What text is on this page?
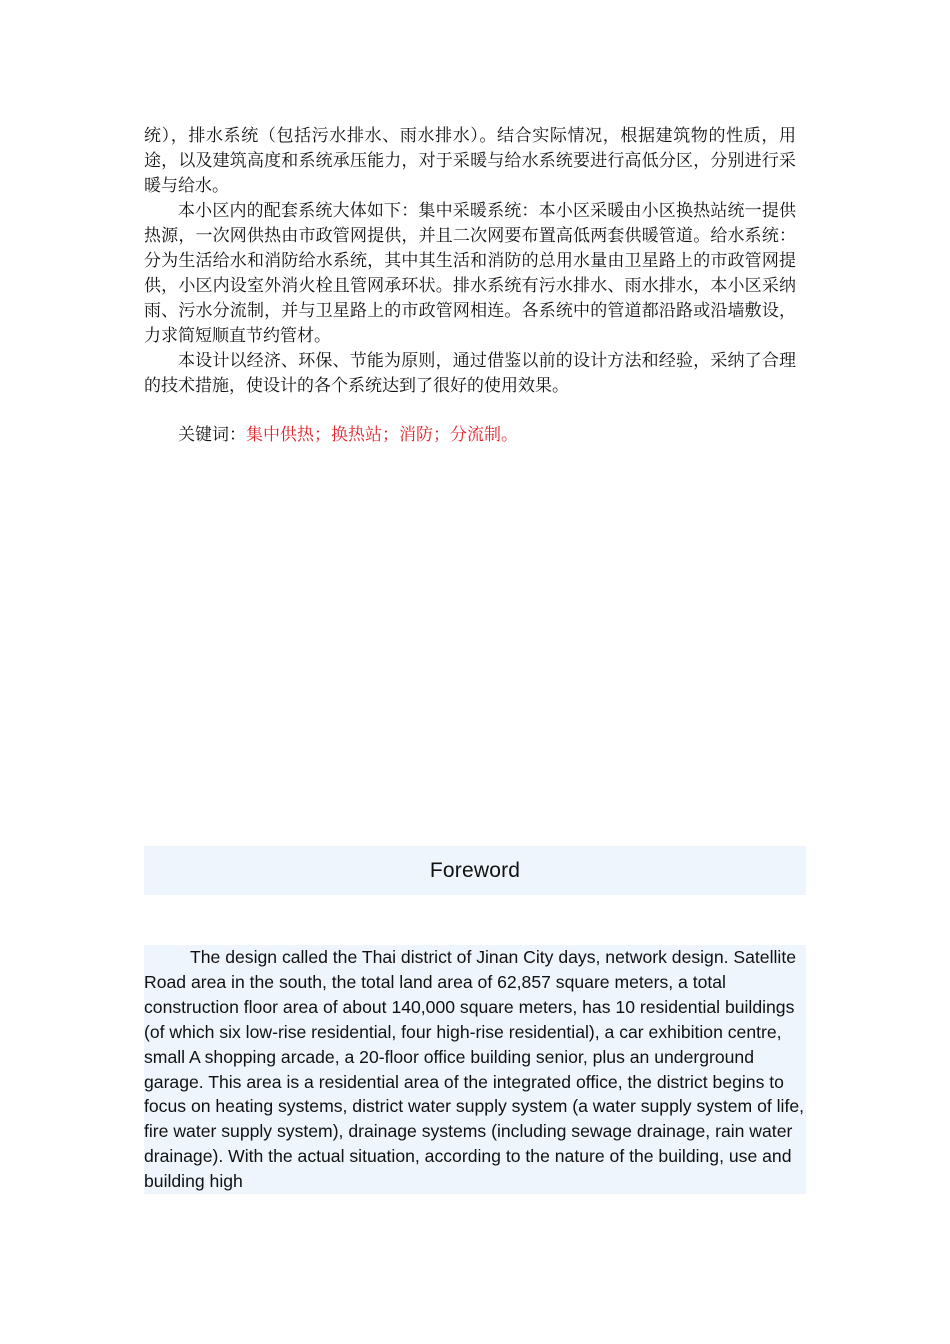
统），排水系统（包括污水排水、雨水排水）。结合实际情况，根据建筑物的性质，用途，以及建筑高度和系统承压能力，对于采暖与给水系统要进行高低分区，分别进行采暖与给水。

本小区内的配套系统大体如下：集中采暖系统：本小区采暖由小区换热站统一提供热源，一次网供热由市政管网提供，并且二次网要布置高低两套供暖管道。给水系统：分为生活给水和消防给水系统，其中其生活和消防的总用水量由卫星路上的市政管网提供，小区内设室外消火栓且管网承环状。排水系统有污水排水、雨水排水，本小区采纳雨、污水分流制，并与卫星路上的市政管网相连。各系统中的管道都沿路或沿墙敷设，力求简短顺直节约管材。

本设计以经济、环保、节能为原则，通过借鉴以前的设计方法和经验，采纳了合理的技术措施，使设计的各个系统达到了很好的使用效果。

关键词：集中供热；换热站；消防；分流制。
Foreword

The design called the Thai district of Jinan City days, network design. Satellite Road area in the south, the total land area of 62,857 square meters, a total construction floor area of about 140,000 square meters, has 10 residential buildings (of which six low-rise residential, four high-rise residential), a car exhibition centre, small A shopping arcade, a 20-floor office building senior, plus an underground garage. This area is a residential area of the integrated office, the district begins to focus on heating systems, district water supply system (a water supply system of life, fire water supply system), drainage systems (including sewage drainage, rain water drainage). With the actual situation, according to the nature of the building, use and building high
